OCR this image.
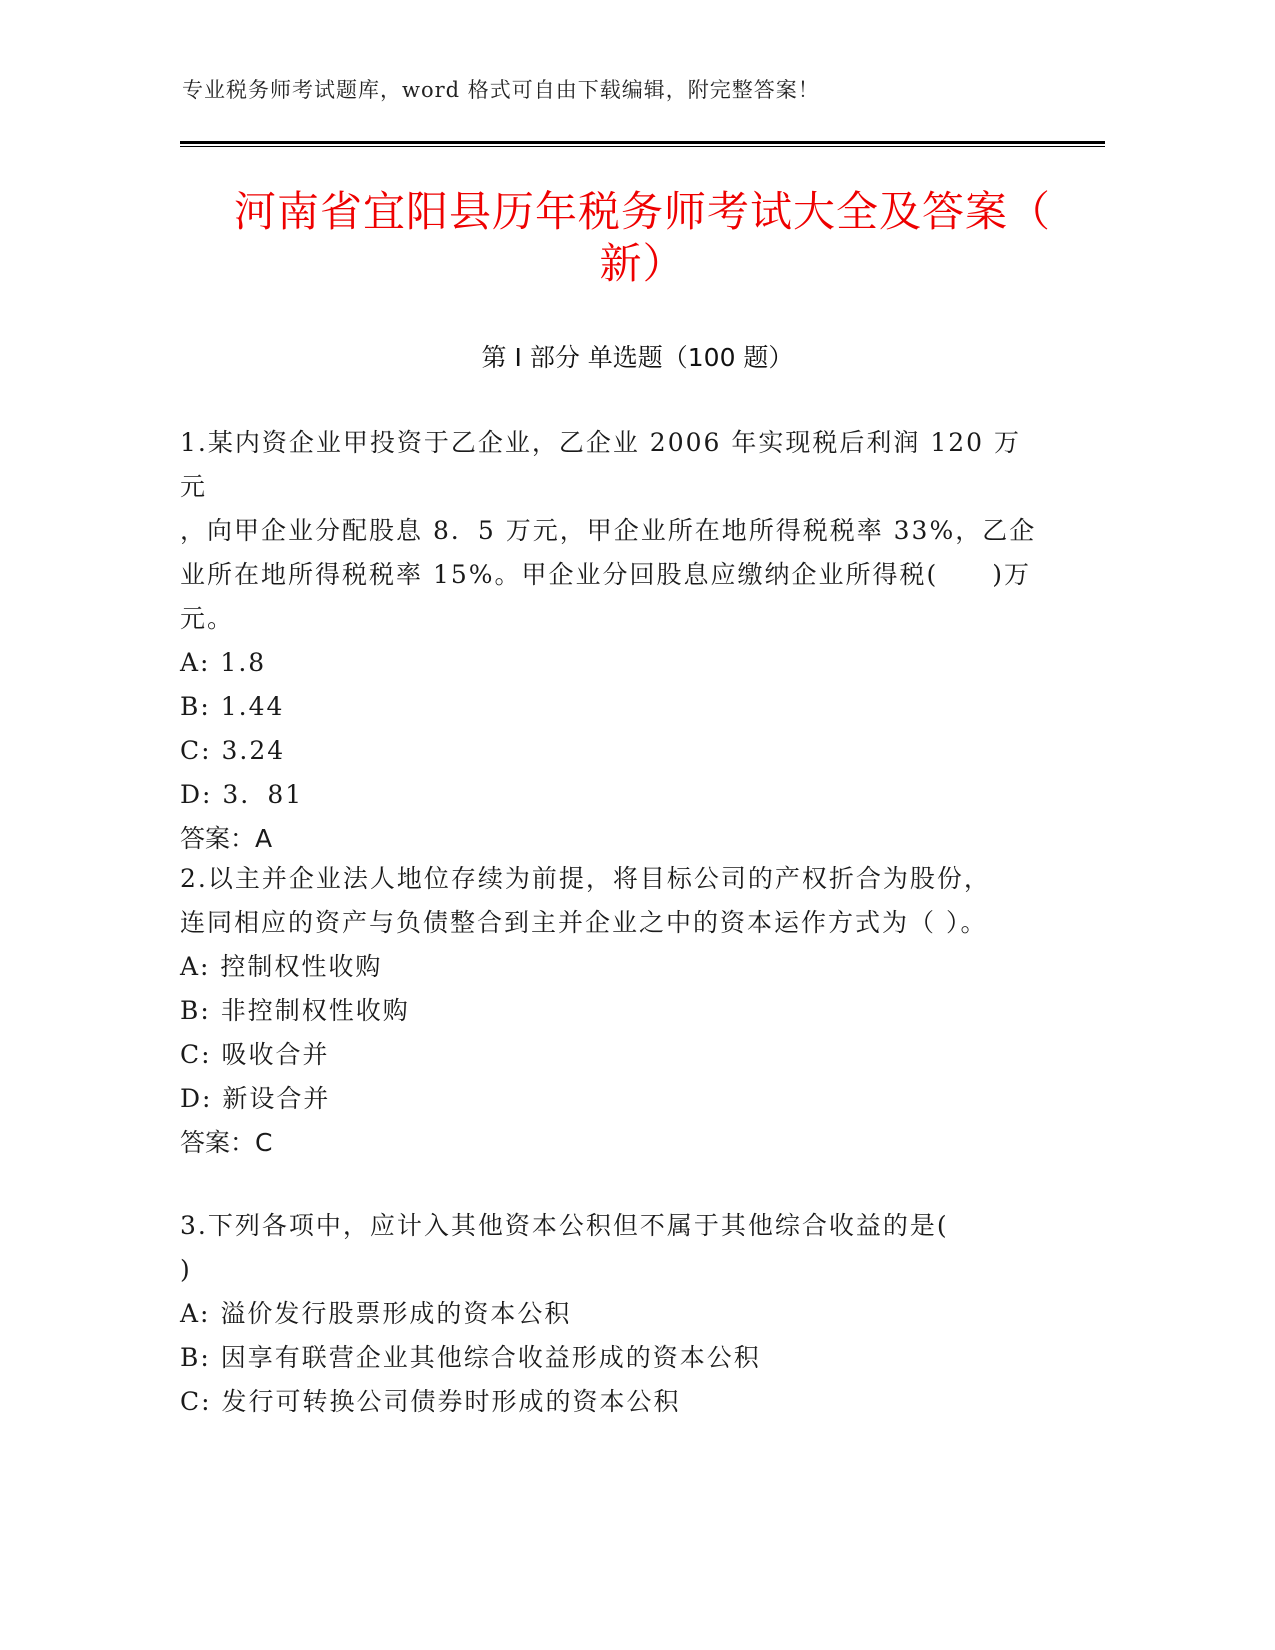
专业税务师考试题库，word 格式可自由下载编辑，附完整答案！
河南省宜阳县历年税务师考试大全及答案（
新）
第 I 部分 单选题（100 题）

1.某内资企业甲投资于乙企业，乙企业 2006 年实现税后利润 120 万元

，向甲企业分配股息 8．5 万元，甲企业所在地所得税税率 33%，乙企

业所在地所得税税率 15%。甲企业分回股息应缴纳企业所得税(　　)万

元。

A: 1.8

B: 1.44

C: 3.24

D: 3．81

答案：A

2.以主并企业法人地位存续为前提，将目标公司的产权折合为股份，

连同相应的资产与负债整合到主并企业之中的资本运作方式为（ ）。

A: 控制权性收购

B: 非控制权性收购

C: 吸收合并

D: 新设合并

答案：C

3.下列各项中，应计入其他资本公积但不属于其他综合收益的是(

)

A: 溢价发行股票形成的资本公积

B: 因享有联营企业其他综合收益形成的资本公积

C: 发行可转换公司债券时形成的资本公积
